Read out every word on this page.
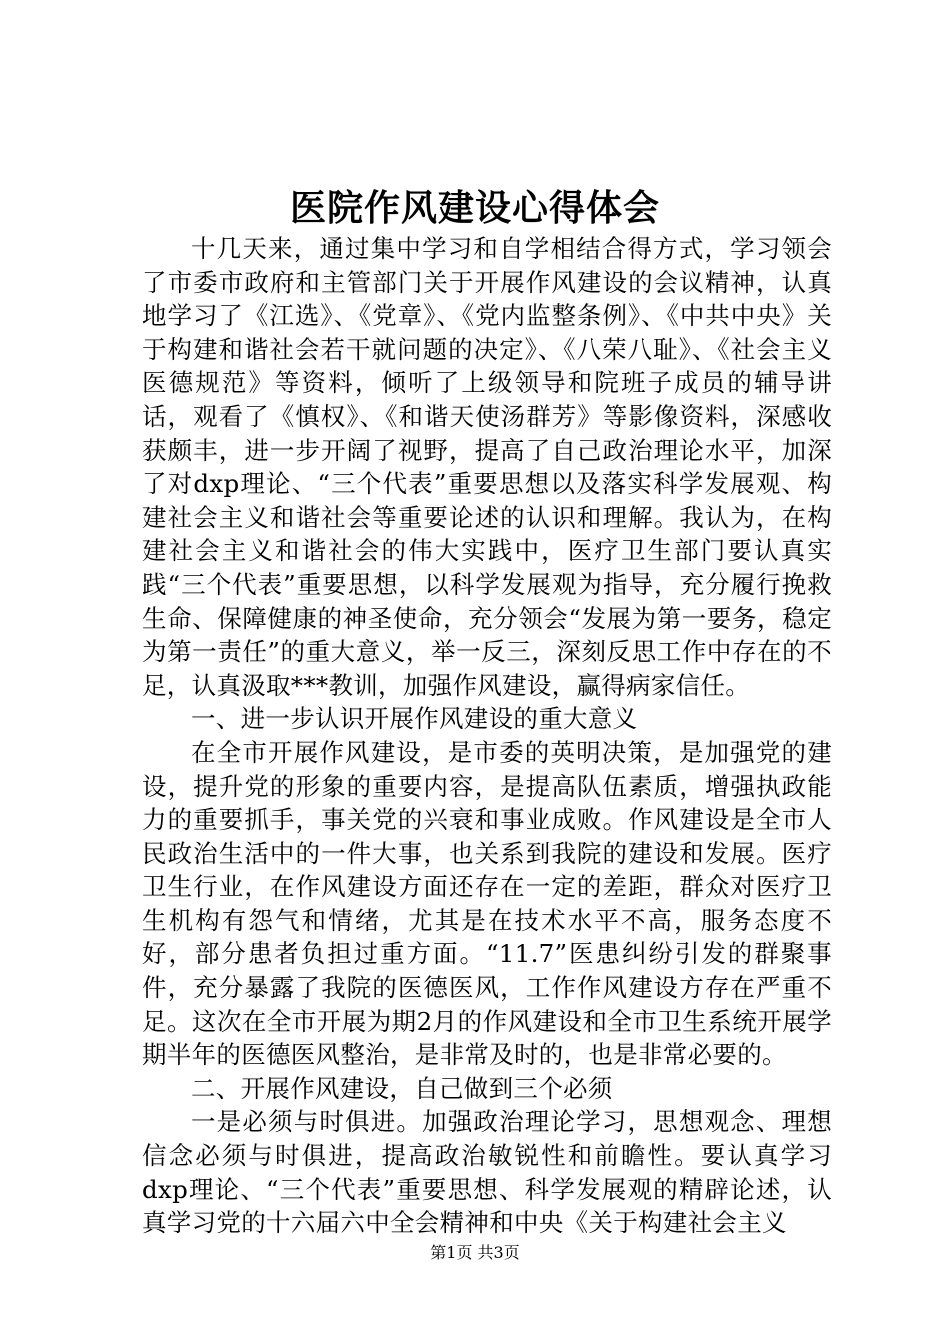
医院作风建设心得体会

十几天来，通过集中学习和自学相结合得方式，学习领会了市委市政府和主管部门关于开展作风建设的会议精神，认真地学习了《江选》、《党章》、《党内监整条例》、《中共中央》关于构建和谐社会若干就问题的决定》、《八荣八耻》、《社会主义医德规范》等资料，倾听了上级领导和院班子成员的辅导讲话，观看了《慎权》、《和谐天使汤群芳》等影像资料，深感收获颇丰，进一步开阔了视野，提高了自己政治理论水平，加深了对dxp理论、“三个代表”重要思想以及落实科学发展观、构建社会主义和谐社会等重要论述的认识和理解。我认为，在构建社会主义和谐社会的伟大实践中，医疗卫生部门要认真实践“三个代表”重要思想，以科学发展观为指导，充分履行挽救生命、保障健康的神圣使命，充分领会“发展为第一要务，稳定为第一责任”的重大意义，举一反三，深刻反思工作中存在的不足，认真汲取***教训，加强作风建设，赢得病家信任。

一、进一步认识开展作风建设的重大意义

在全市开展作风建设，是市委的英明决策，是加强党的建设，提升党的形象的重要内容，是提高队伍素质，增强执政能力的重要抓手，事关党的兴衰和事业成败。作风建设是全市人民政治生活中的一件大事，也关系到我院的建设和发展。医疗卫生行业，在作风建设方面还存在一定的差距，群众对医疗卫生机构有怨气和情绪，尤其是在技术水平不高，服务态度不好，部分患者负担过重方面。“11.7”医患纠纷引发的群聚事件，充分暴露了我院的医德医风，工作作风建设方存在严重不足。这次在全市开展为期2月的作风建设和全市卫生系统开展学期半年的医德医风整治，是非常及时的，也是非常必要的。

二、开展作风建设，自己做到三个必须

一是必须与时俱进。加强政治理论学习，思想观念、理想信念必须与时俱进，提高政治敏锐性和前瞻性。要认真学习dxp理论、“三个代表”重要思想、科学发展观的精辟论述，认真学习党的十六届六中全会精神和中央《关于构建社会主义

第1页 共3页
